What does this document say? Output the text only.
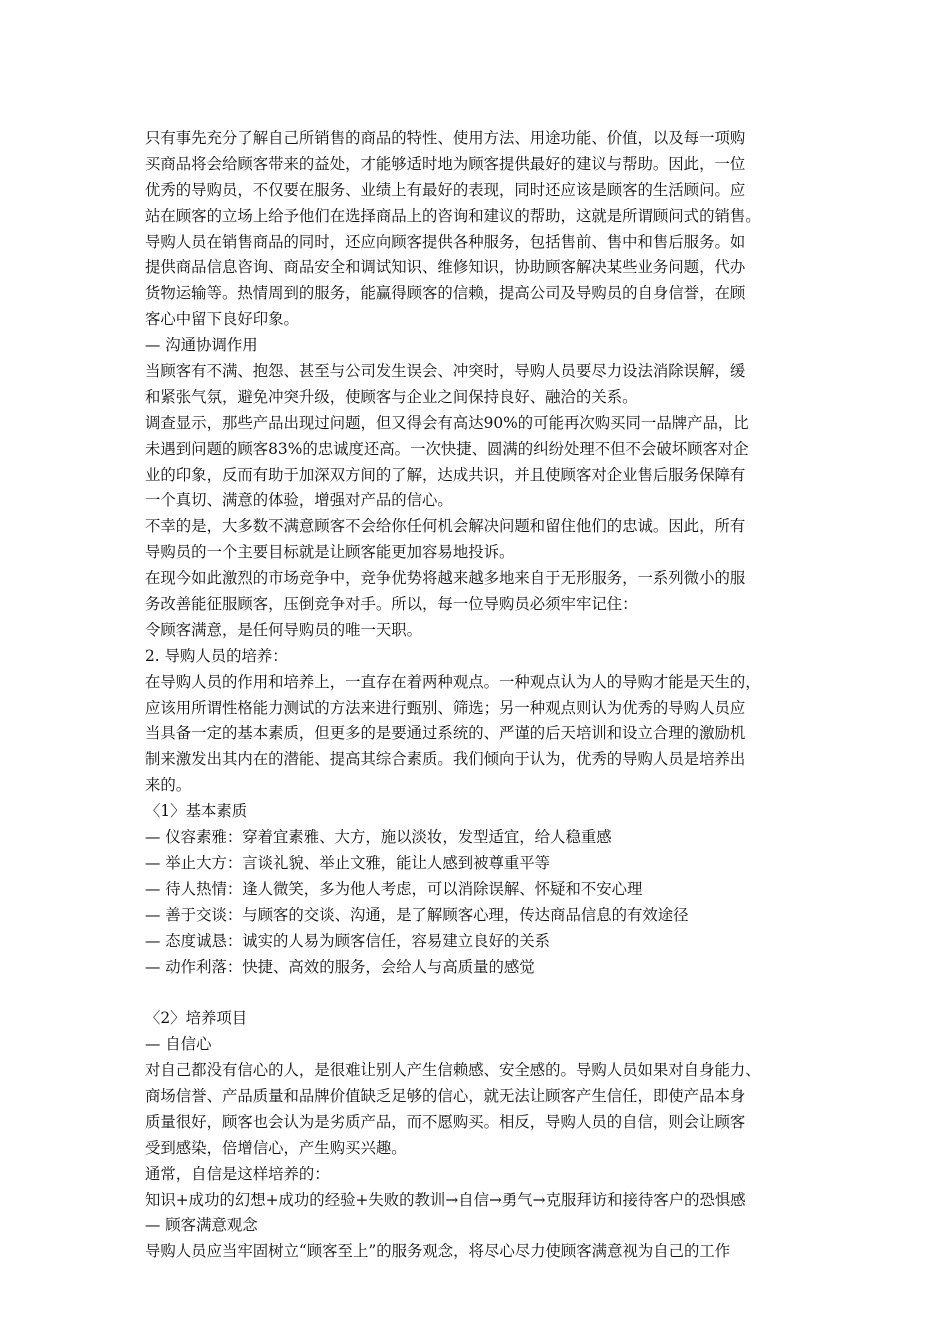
只有事先充分了解自己所销售的商品的特性、使用方法、用途功能、价值，以及每一项购
买商品将会给顾客带来的益处，才能够适时地为顾客提供最好的建议与帮助。因此，一位
优秀的导购员，不仅要在服务、业绩上有最好的表现，同时还应该是顾客的生活顾问。应
站在顾客的立场上给予他们在选择商品上的咨询和建议的帮助，这就是所谓顾问式的销售。
导购人员在销售商品的同时，还应向顾客提供各种服务，包括售前、售中和售后服务。如
提供商品信息咨询、商品安全和调试知识、维修知识，协助顾客解决某些业务问题，代办
货物运输等。热情周到的服务，能赢得顾客的信赖，提高公司及导购员的自身信誉，在顾
客心中留下良好印象。
— 沟通协调作用
当顾客有不满、抱怨、甚至与公司发生误会、冲突时，导购人员要尽力设法消除误解，缓
和紧张气氛，避免冲突升级，使顾客与企业之间保持良好、融洽的关系。
调查显示，那些产品出现过问题，但又得会有高达90%的可能再次购买同一品牌产品，比
未遇到问题的顾客83%的忠诚度还高。一次快捷、圆满的纠纷处理不但不会破坏顾客对企
业的印象，反而有助于加深双方间的了解，达成共识，并且使顾客对企业售后服务保障有
一个真切、满意的体验，增强对产品的信心。
不幸的是，大多数不满意顾客不会给你任何机会解决问题和留住他们的忠诚。因此，所有
导购员的一个主要目标就是让顾客能更加容易地投诉。
在现今如此激烈的市场竞争中，竞争优势将越来越多地来自于无形服务，一系列微小的服
务改善能征服顾客，压倒竞争对手。所以，每一位导购员必须牢牢记住：
令顾客满意，是任何导购员的唯一天职。
2. 导购人员的培养：
在导购人员的作用和培养上，一直存在着两种观点。一种观点认为人的导购才能是天生的，
应该用所谓性格能力测试的方法来进行甄别、筛选；另一种观点则认为优秀的导购人员应
当具备一定的基本素质，但更多的是要通过系统的、严谨的后天培训和设立合理的激励机
制来激发出其内在的潜能、提高其综合素质。我们倾向于认为，优秀的导购人员是培养出
来的。
〈1〉基本素质
— 仪容素雅：穿着宜素雅、大方，施以淡妆，发型适宜，给人稳重感
— 举止大方：言谈礼貌、举止文雅，能让人感到被尊重平等
— 待人热情：逢人微笑，多为他人考虑，可以消除误解、怀疑和不安心理
— 善于交谈：与顾客的交谈、沟通，是了解顾客心理，传达商品信息的有效途径
— 态度诚恳：诚实的人易为顾客信任，容易建立良好的关系
— 动作利落：快捷、高效的服务，会给人与高质量的感觉
〈2〉培养项目
— 自信心
对自己都没有信心的人，是很难让别人产生信赖感、安全感的。导购人员如果对自身能力、
商场信誉、产品质量和品牌价值缺乏足够的信心，就无法让顾客产生信任，即使产品本身
质量很好，顾客也会认为是劣质产品，而不愿购买。相反，导购人员的自信，则会让顾客
受到感染，倍增信心，产生购买兴趣。
通常，自信是这样培养的：
知识+成功的幻想+成功的经验+失败的教训→自信→勇气→克服拜访和接待客户的恐惧感
— 顾客满意观念
导购人员应当牢固树立“顾客至上”的服务观念，将尽心尽力使顾客满意视为自己的工作
